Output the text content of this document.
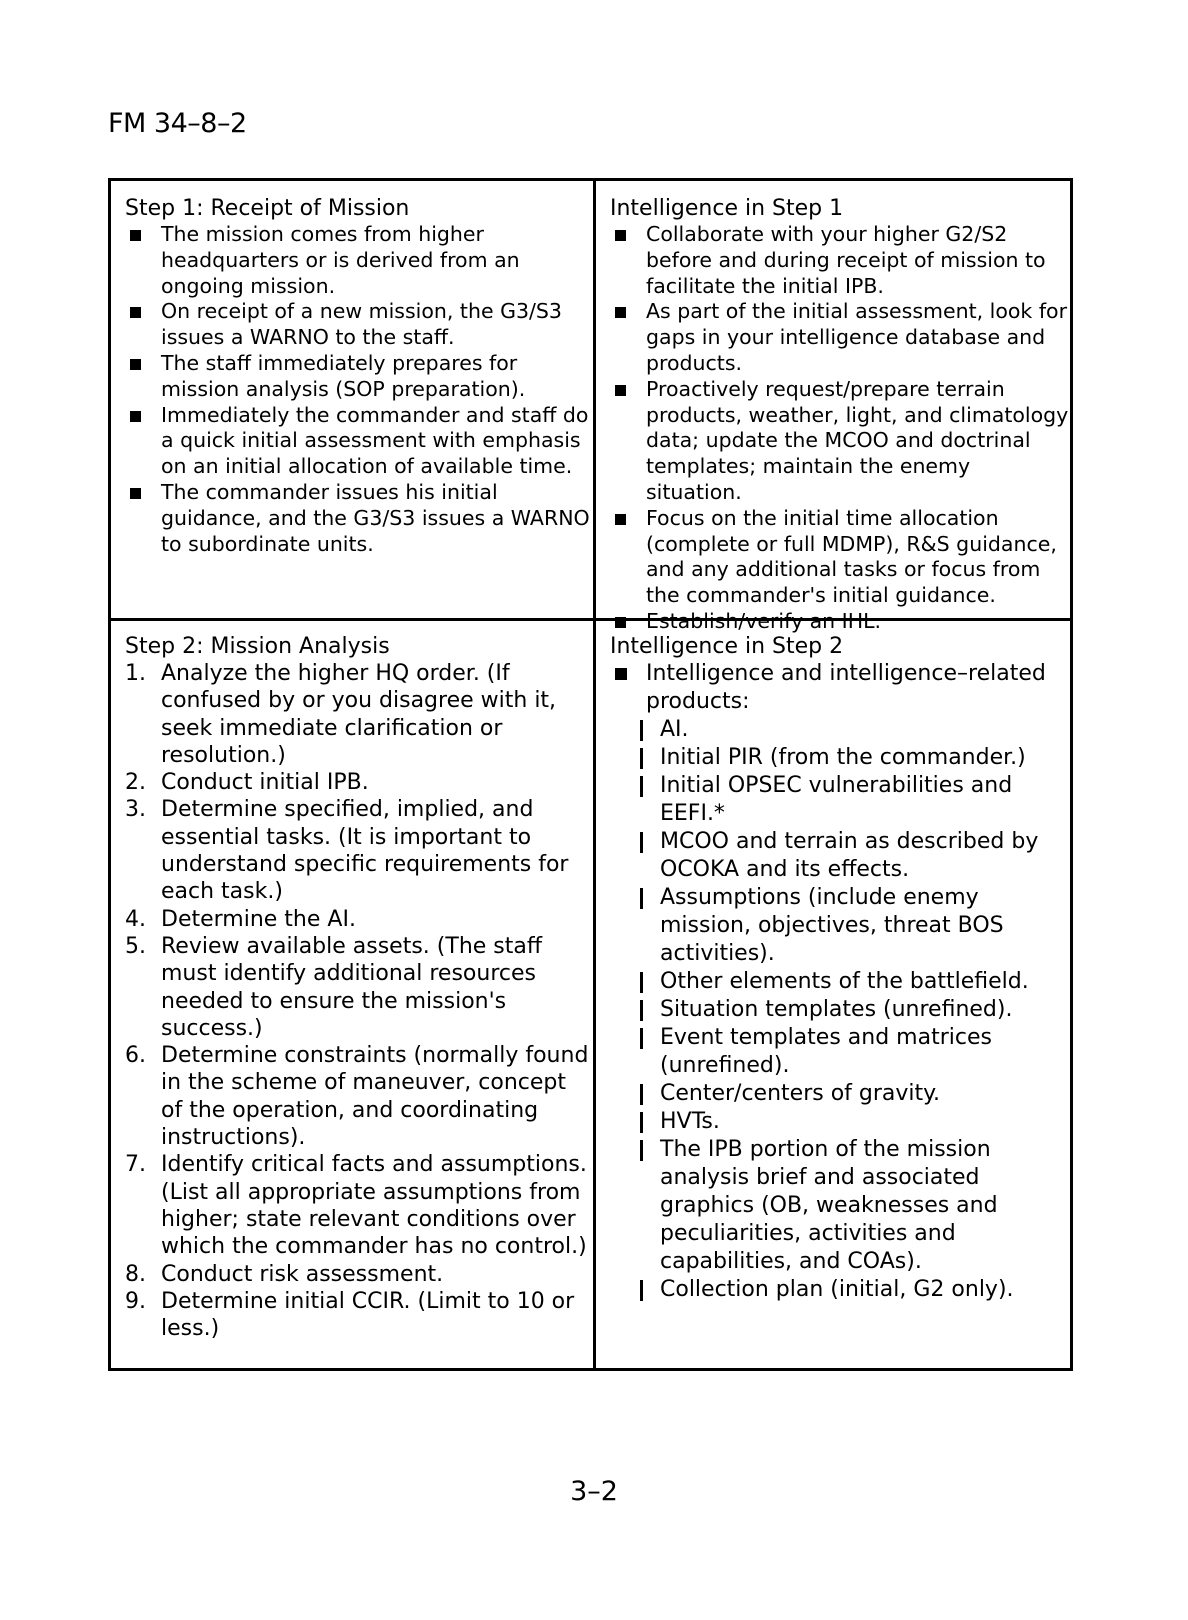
FM 34–8–2
Step 1: Receipt of Mission
The mission comes from higher headquarters or is derived from an ongoing mission.
On receipt of a new mission, the G3/S3 issues a WARNO to the staff.
The staff immediately prepares for mission analysis (SOP preparation).
Immediately the commander and staff do a quick initial assessment with emphasis on an initial allocation of available time.
The commander issues his initial guidance, and the G3/S3 issues a WARNO to subordinate units.
Intelligence in Step 1
Collaborate with your higher G2/S2 before and during receipt of mission to facilitate the initial IPB.
As part of the initial assessment, look for gaps in your intelligence database and products.
Proactively request/prepare terrain products, weather, light, and climatology data; update the MCOO and doctrinal templates; maintain the enemy situation.
Focus on the initial time allocation (complete or full MDMP), R&S guidance, and any additional tasks or focus from the commander's initial guidance.
Establish/verify an IHL.
Step 2: Mission Analysis
1. Analyze the higher HQ order. (If confused by or you disagree with it, seek immediate clarification or resolution.)
2. Conduct initial IPB.
3. Determine specified, implied, and essential tasks. (It is important to understand specific requirements for each task.)
4. Determine the AI.
5. Review available assets. (The staff must identify additional resources needed to ensure the mission's success.)
6. Determine constraints (normally found in the scheme of maneuver, concept of the operation, and coordinating instructions).
7. Identify critical facts and assumptions. (List all appropriate assumptions from higher; state relevant conditions over which the commander has no control.)
8. Conduct risk assessment.
9. Determine initial CCIR. (Limit to 10 or less.)
Intelligence in Step 2
Intelligence and intelligence–related products:
AI.
Initial PIR (from the commander.)
Initial OPSEC vulnerabilities and EEFI.*
MCOO and terrain as described by OCOKA and its effects.
Assumptions (include enemy mission, objectives, threat BOS activities).
Other elements of the battlefield.
Situation templates (unrefined).
Event templates and matrices (unrefined).
Center/centers of gravity.
HVTs.
The IPB portion of the mission analysis brief and associated graphics (OB, weaknesses and peculiarities, activities and capabilities, and COAs).
Collection plan (initial, G2 only).
3–2
